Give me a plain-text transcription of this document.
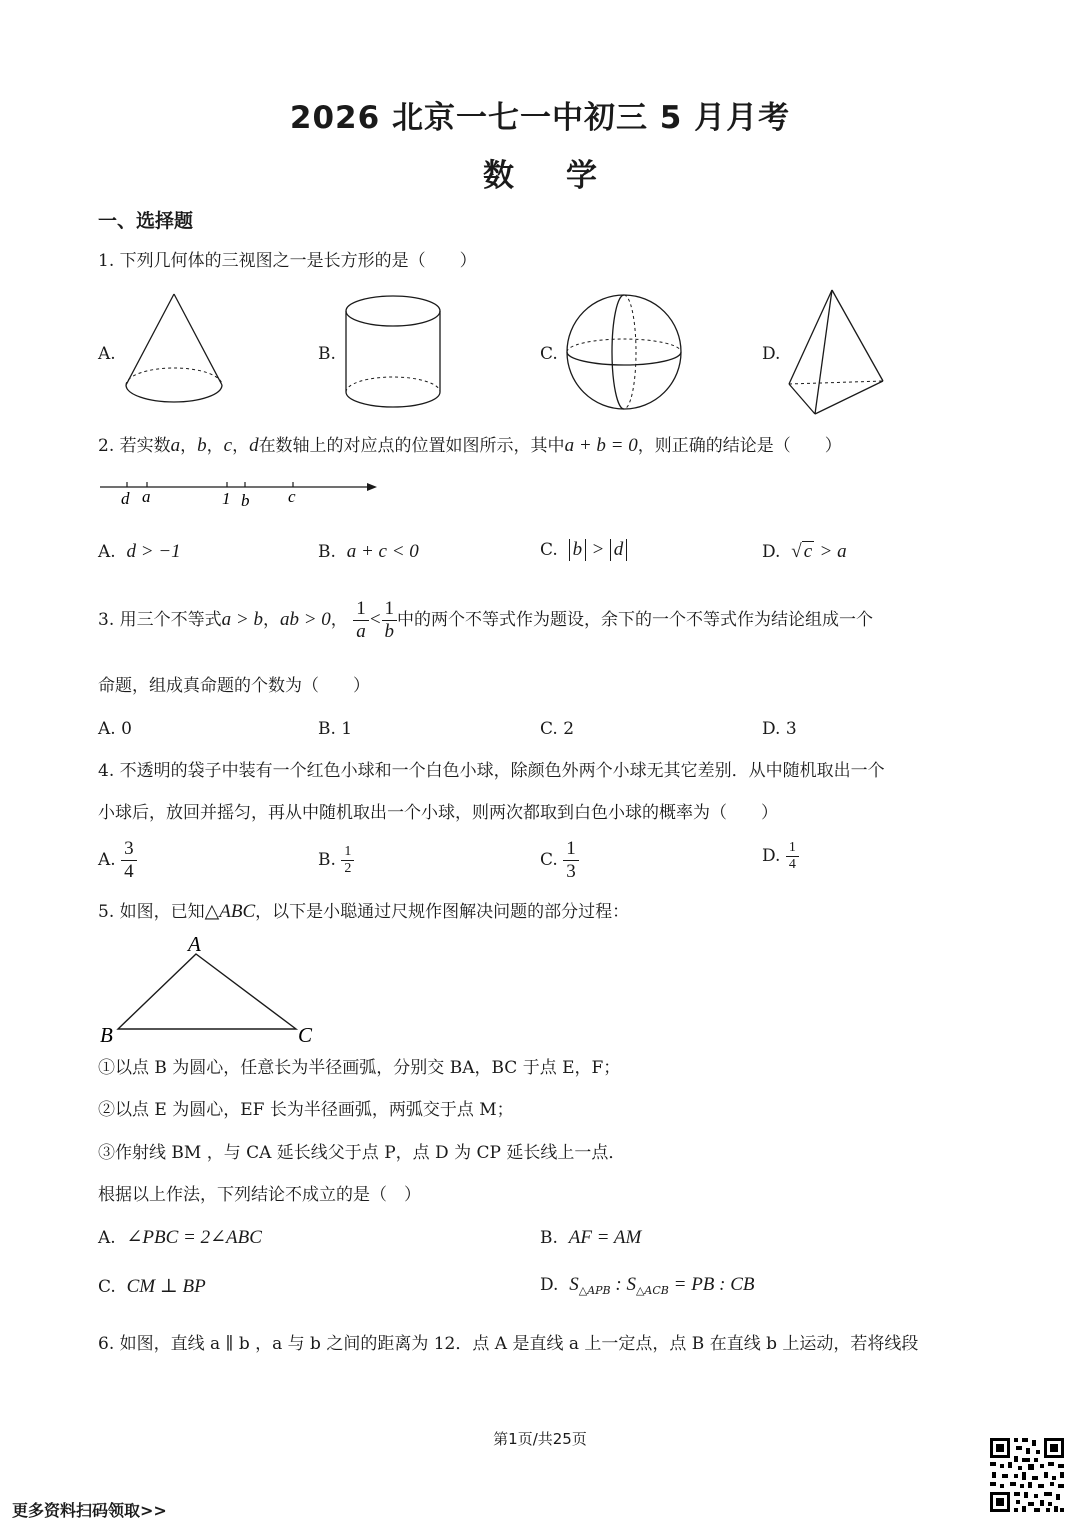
2026 北京一七一中初三 5 月月考
数学
一、选择题
1. 下列几何体的三视图之一是长方形的是（　　）
A.	B.	C.	D.
2. 若实数a，b，c，d在数轴上的对应点的位置如图所示，其中a + b = 0，则正确的结论是（　　）
d a	1 b c
A. d > −1	B. a + c < 0	C. b > d	D. √ c > a
3. 用三个不等式a > b，ab > 0， $\frac{1}{a} < \frac{1}{b}$ 中的两个不等式作为题设，余下的一个不等式作为结论组成一个
命题，组成真命题的个数为（　　）
A. 0	B. 1	C. 2	D. 3
4. 不透明的袋子中装有一个红色小球和一个白色小球，除颜色外两个小球无其它差别．从中随机取出一个
小球后，放回并摇匀，再从中随机取出一个小球，则两次都取到白色小球的概率为（　　）
A. $\frac{3}{4}$	B. $\frac{1}{2}$	C. $\frac{1}{3}$	D. $\frac{1}{4}$
5. 如图，已知△ABC，以下是小聪通过尺规作图解决问题的部分过程：
A
B	C
①以点 B 为圆心，任意长为半径画弧，分别交 BA，BC 于点 E，F；
②以点 E 为圆心，EF 长为半径画弧，两弧交于点 M；
③作射线 BM ，与 CA 延长线父于点 P，点 D 为 CP 延长线上一点．
根据以上作法，下列结论不成立的是（　）
A. ∠PBC = 2∠ABC	B. AF = AM
C. CM ⊥ BP	D. $S_{\triangle APB}$ : $S_{\triangle ACB}$ = PB : CB
6. 如图，直线 a ∥ b ，a 与 b 之间的距离为 12．点 A 是直线 a 上一定点，点 B 在直线 b 上运动，若将线段
第1页/共25页
更多资料扫码领取>>
